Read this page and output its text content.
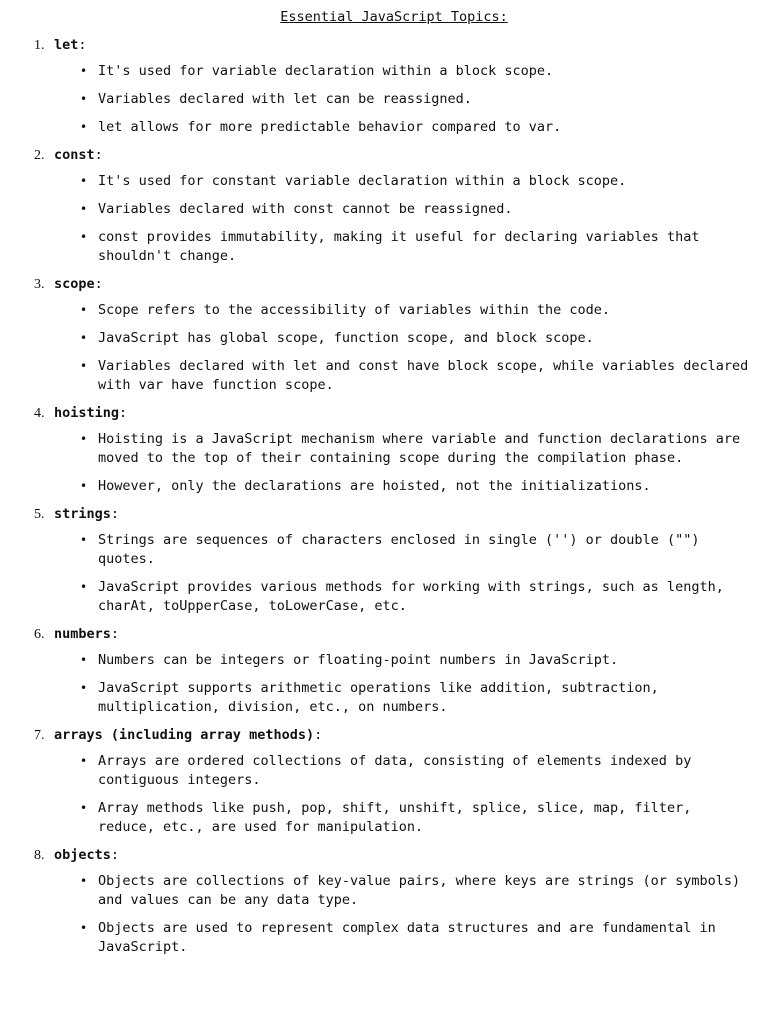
Essential JavaScript Topics:
1. let:
• It's used for variable declaration within a block scope.
• Variables declared with let can be reassigned.
• let allows for more predictable behavior compared to var.
2. const:
• It's used for constant variable declaration within a block scope.
• Variables declared with const cannot be reassigned.
• const provides immutability, making it useful for declaring variables that shouldn't change.
3. scope:
• Scope refers to the accessibility of variables within the code.
• JavaScript has global scope, function scope, and block scope.
• Variables declared with let and const have block scope, while variables declared with var have function scope.
4. hoisting:
• Hoisting is a JavaScript mechanism where variable and function declarations are moved to the top of their containing scope during the compilation phase.
• However, only the declarations are hoisted, not the initializations.
5. strings:
• Strings are sequences of characters enclosed in single ('') or double ("") quotes.
• JavaScript provides various methods for working with strings, such as length, charAt, toUpperCase, toLowerCase, etc.
6. numbers:
• Numbers can be integers or floating-point numbers in JavaScript.
• JavaScript supports arithmetic operations like addition, subtraction, multiplication, division, etc., on numbers.
7. arrays (including array methods):
• Arrays are ordered collections of data, consisting of elements indexed by contiguous integers.
• Array methods like push, pop, shift, unshift, splice, slice, map, filter, reduce, etc., are used for manipulation.
8. objects:
• Objects are collections of key-value pairs, where keys are strings (or symbols) and values can be any data type.
• Objects are used to represent complex data structures and are fundamental in JavaScript.
